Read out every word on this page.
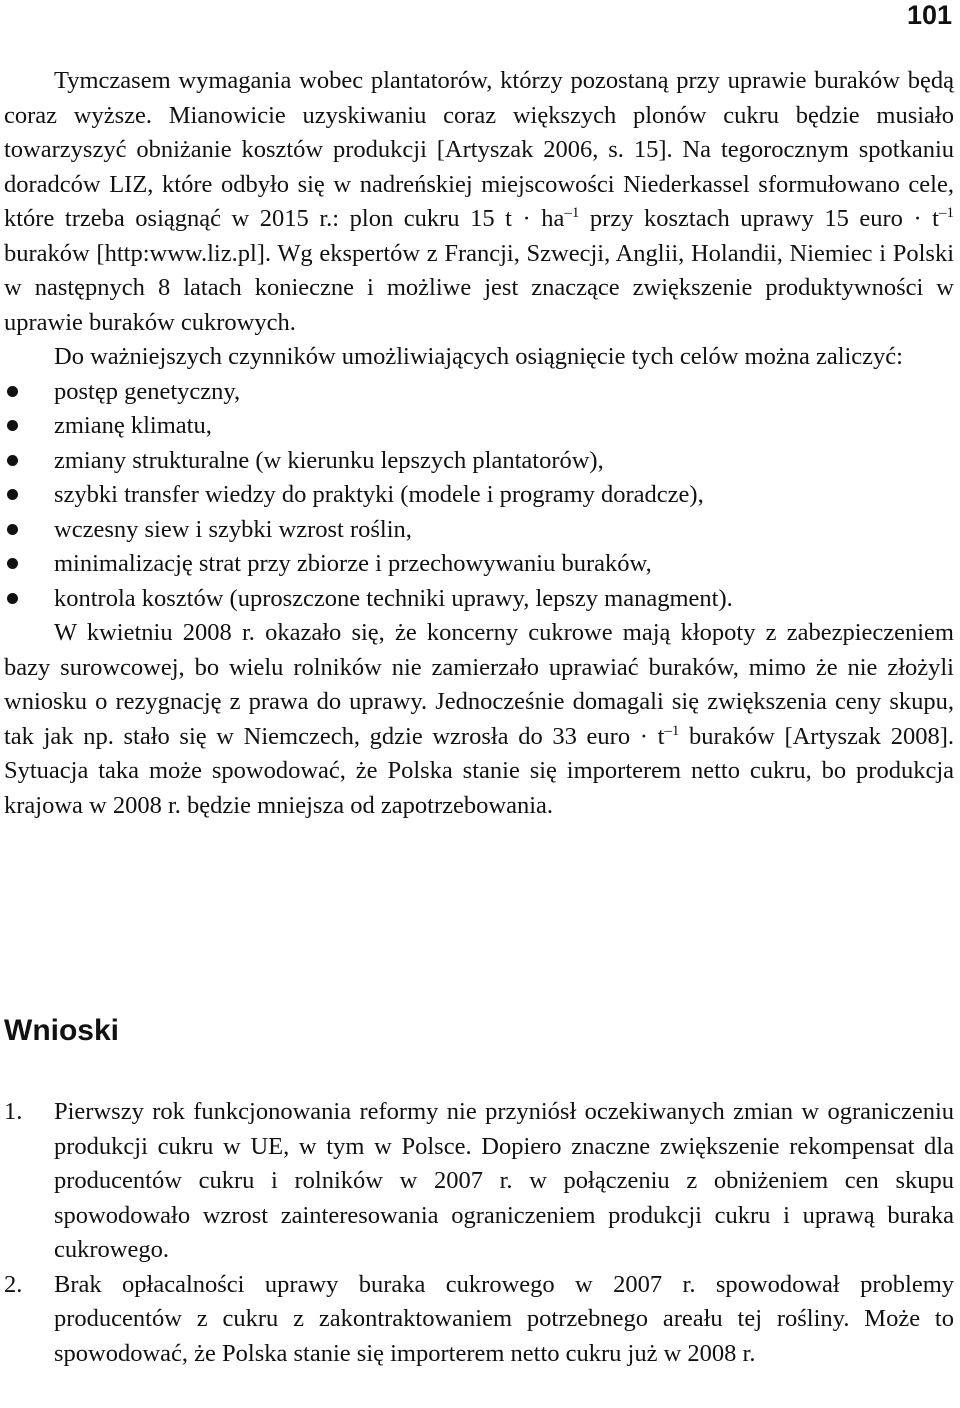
101

Tymczasem wymagania wobec plantatorów, którzy pozostaną przy uprawie buraków będą coraz wyższe. Mianowicie uzyskiwaniu coraz większych plonów cukru będzie musiało towarzyszyć obniżanie kosztów produkcji [Artyszak 2006, s. 15]. Na tegorocznym spotkaniu doradców LIZ, które odbyło się w nadreńskiej miejscowości Niederkassel sformułowano cele, które trzeba osiągnąć w 2015 r.: plon cukru 15 $t \cdot ha^{-1}$ przy kosztach uprawy 15 euro · $t^{-1}$ buraków [http:www.liz.pl]. Wg ekspertów z Francji, Szwecji, Anglii, Holandii, Niemiec i Polski w następnych 8 latach konieczne i możliwe jest znaczące zwiększenie produktywności w uprawie buraków cukrowych.

Do ważniejszych czynników umożliwiających osiągnięcie tych celów można zaliczyć:

postęp genetyczny,
zmianę klimatu,
zmiany strukturalne (w kierunku lepszych plantatorów),
szybki transfer wiedzy do praktyki (modele i programy doradcze),
wczesny siew i szybki wzrost roślin,
minimalizację strat przy zbiorze i przechowywaniu buraków,
kontrola kosztów (uproszczone techniki uprawy, lepszy managment).

W kwietniu 2008 r. okazało się, że koncerny cukrowe mają kłopoty z zabezpieczeniem bazy surowcowej, bo wielu rolników nie zamierzało uprawiać buraków, mimo że nie złożyli wniosku o rezygnację z prawa do uprawy. Jednocześnie domagali się zwiększenia ceny skupu, tak jak np. stało się w Niemczech, gdzie wzrosła do 33 euro · $t^{-1}$ buraków [Artyszak 2008]. Sytuacja taka może spowodować, że Polska stanie się importerem netto cukru, bo produkcja krajowa w 2008 r. będzie mniejsza od zapotrzebowania.

Wnioski
1. Pierwszy rok funkcjonowania reformy nie przyniósł oczekiwanych zmian w ograniczeniu produkcji cukru w UE, w tym w Polsce. Dopiero znaczne zwiększenie rekompensat dla producentów cukru i rolników w 2007 r. w połączeniu z obniżeniem cen skupu spowodowało wzrost zainteresowania ograniczeniem produkcji cukru i uprawą buraka cukrowego.
2. Brak opłacalności uprawy buraka cukrowego w 2007 r. spowodował problemy producentów z cukru z zakontraktowaniem potrzebnego areału tej rośliny. Może to spowodować, że Polska stanie się importerem netto cukru już w 2008 r.
